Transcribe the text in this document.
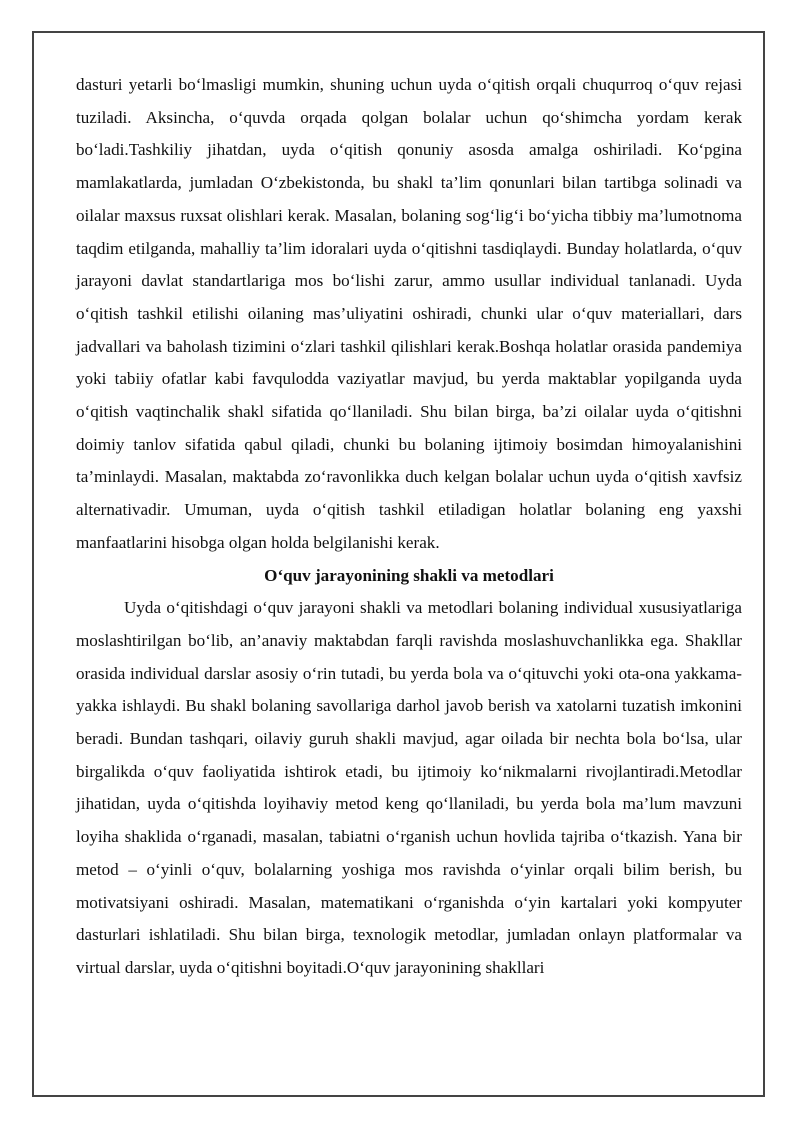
dasturi yetarli bo‘lmasligi mumkin, shuning uchun uyda o‘qitish orqali chuqurroq o‘quv rejasi tuziladi. Aksincha, o‘quvda orqada qolgan bolalar uchun qo‘shimcha yordam kerak bo‘ladi.Tashkiliy jihatdan, uyda o‘qitish qonuniy asosda amalga oshiriladi. Ko‘pgina mamlakatlarda, jumladan O‘zbekistonda, bu shakl ta’lim qonunlari bilan tartibga solinadi va oilalar maxsus ruxsat olishlari kerak. Masalan, bolaning sog‘lig‘i bo‘yicha tibbiy ma’lumotnoma taqdim etilganda, mahalliy ta’lim idoralari uyda o‘qitishni tasdiqlaydi. Bunday holatlarda, o‘quv jarayoni davlat standartlariga mos bo‘lishi zarur, ammo usullar individual tanlanadi. Uyda o‘qitish tashkil etilishi oilaning mas’uliyatini oshiradi, chunki ular o‘quv materiallari, dars jadvallari va baholash tizimini o‘zlari tashkil qilishlari kerak.Boshqa holatlar orasida pandemiya yoki tabiiy ofatlar kabi favqulodda vaziyatlar mavjud, bu yerda maktablar yopilganda uyda o‘qitish vaqtinchalik shakl sifatida qo‘llaniladi. Shu bilan birga, ba’zi oilalar uyda o‘qitishni doimiy tanlov sifatida qabul qiladi, chunki bu bolaning ijtimoiy bosimdan himoyalanishini ta’minlaydi. Masalan, maktabda zo‘ravonlikka duch kelgan bolalar uchun uyda o‘qitish xavfsiz alternativadir. Umuman, uyda o‘qitish tashkil etiladigan holatlar bolaning eng yaxshi manfaatlarini hisobga olgan holda belgilanishi kerak.

O‘quv jarayonining shakli va metodlari

Uyda o‘qitishdagi o‘quv jarayoni shakli va metodlari bolaning individual xususiyatlariga moslashtirilgan bo‘lib, an’anaviy maktabdan farqli ravishda moslashuvchanlikka ega. Shakllar orasida individual darslar asosiy o‘rin tutadi, bu yerda bola va o‘qituvchi yoki ota-ona yakkama-yakka ishlaydi. Bu shakl bolaning savollariga darhol javob berish va xatolarni tuzatish imkonini beradi. Bundan tashqari, oilaviy guruh shakli mavjud, agar oilada bir nechta bola bo‘lsa, ular birgalikda o‘quv faoliyatida ishtirok etadi, bu ijtimoiy ko‘nikmalarni rivojlantiradi.Metodlar jihatidan, uyda o‘qitishda loyihaviy metod keng qo‘llaniladi, bu yerda bola ma’lum mavzuni loyiha shaklida o‘rganadi, masalan, tabiatni o‘rganish uchun hovlida tajriba o‘tkazish. Yana bir metod – o‘yinli o‘quv, bolalarning yoshiga mos ravishda o‘yinlar orqali bilim berish, bu motivatsiyani oshiradi. Masalan, matematikani o‘rganishda o‘yin kartalari yoki kompyuter dasturlari ishlatiladi. Shu bilan birga, texnologik metodlar, jumladan onlayn platformalar va virtual darslar, uyda o‘qitishni boyitadi.O‘quv jarayonining shakllari
